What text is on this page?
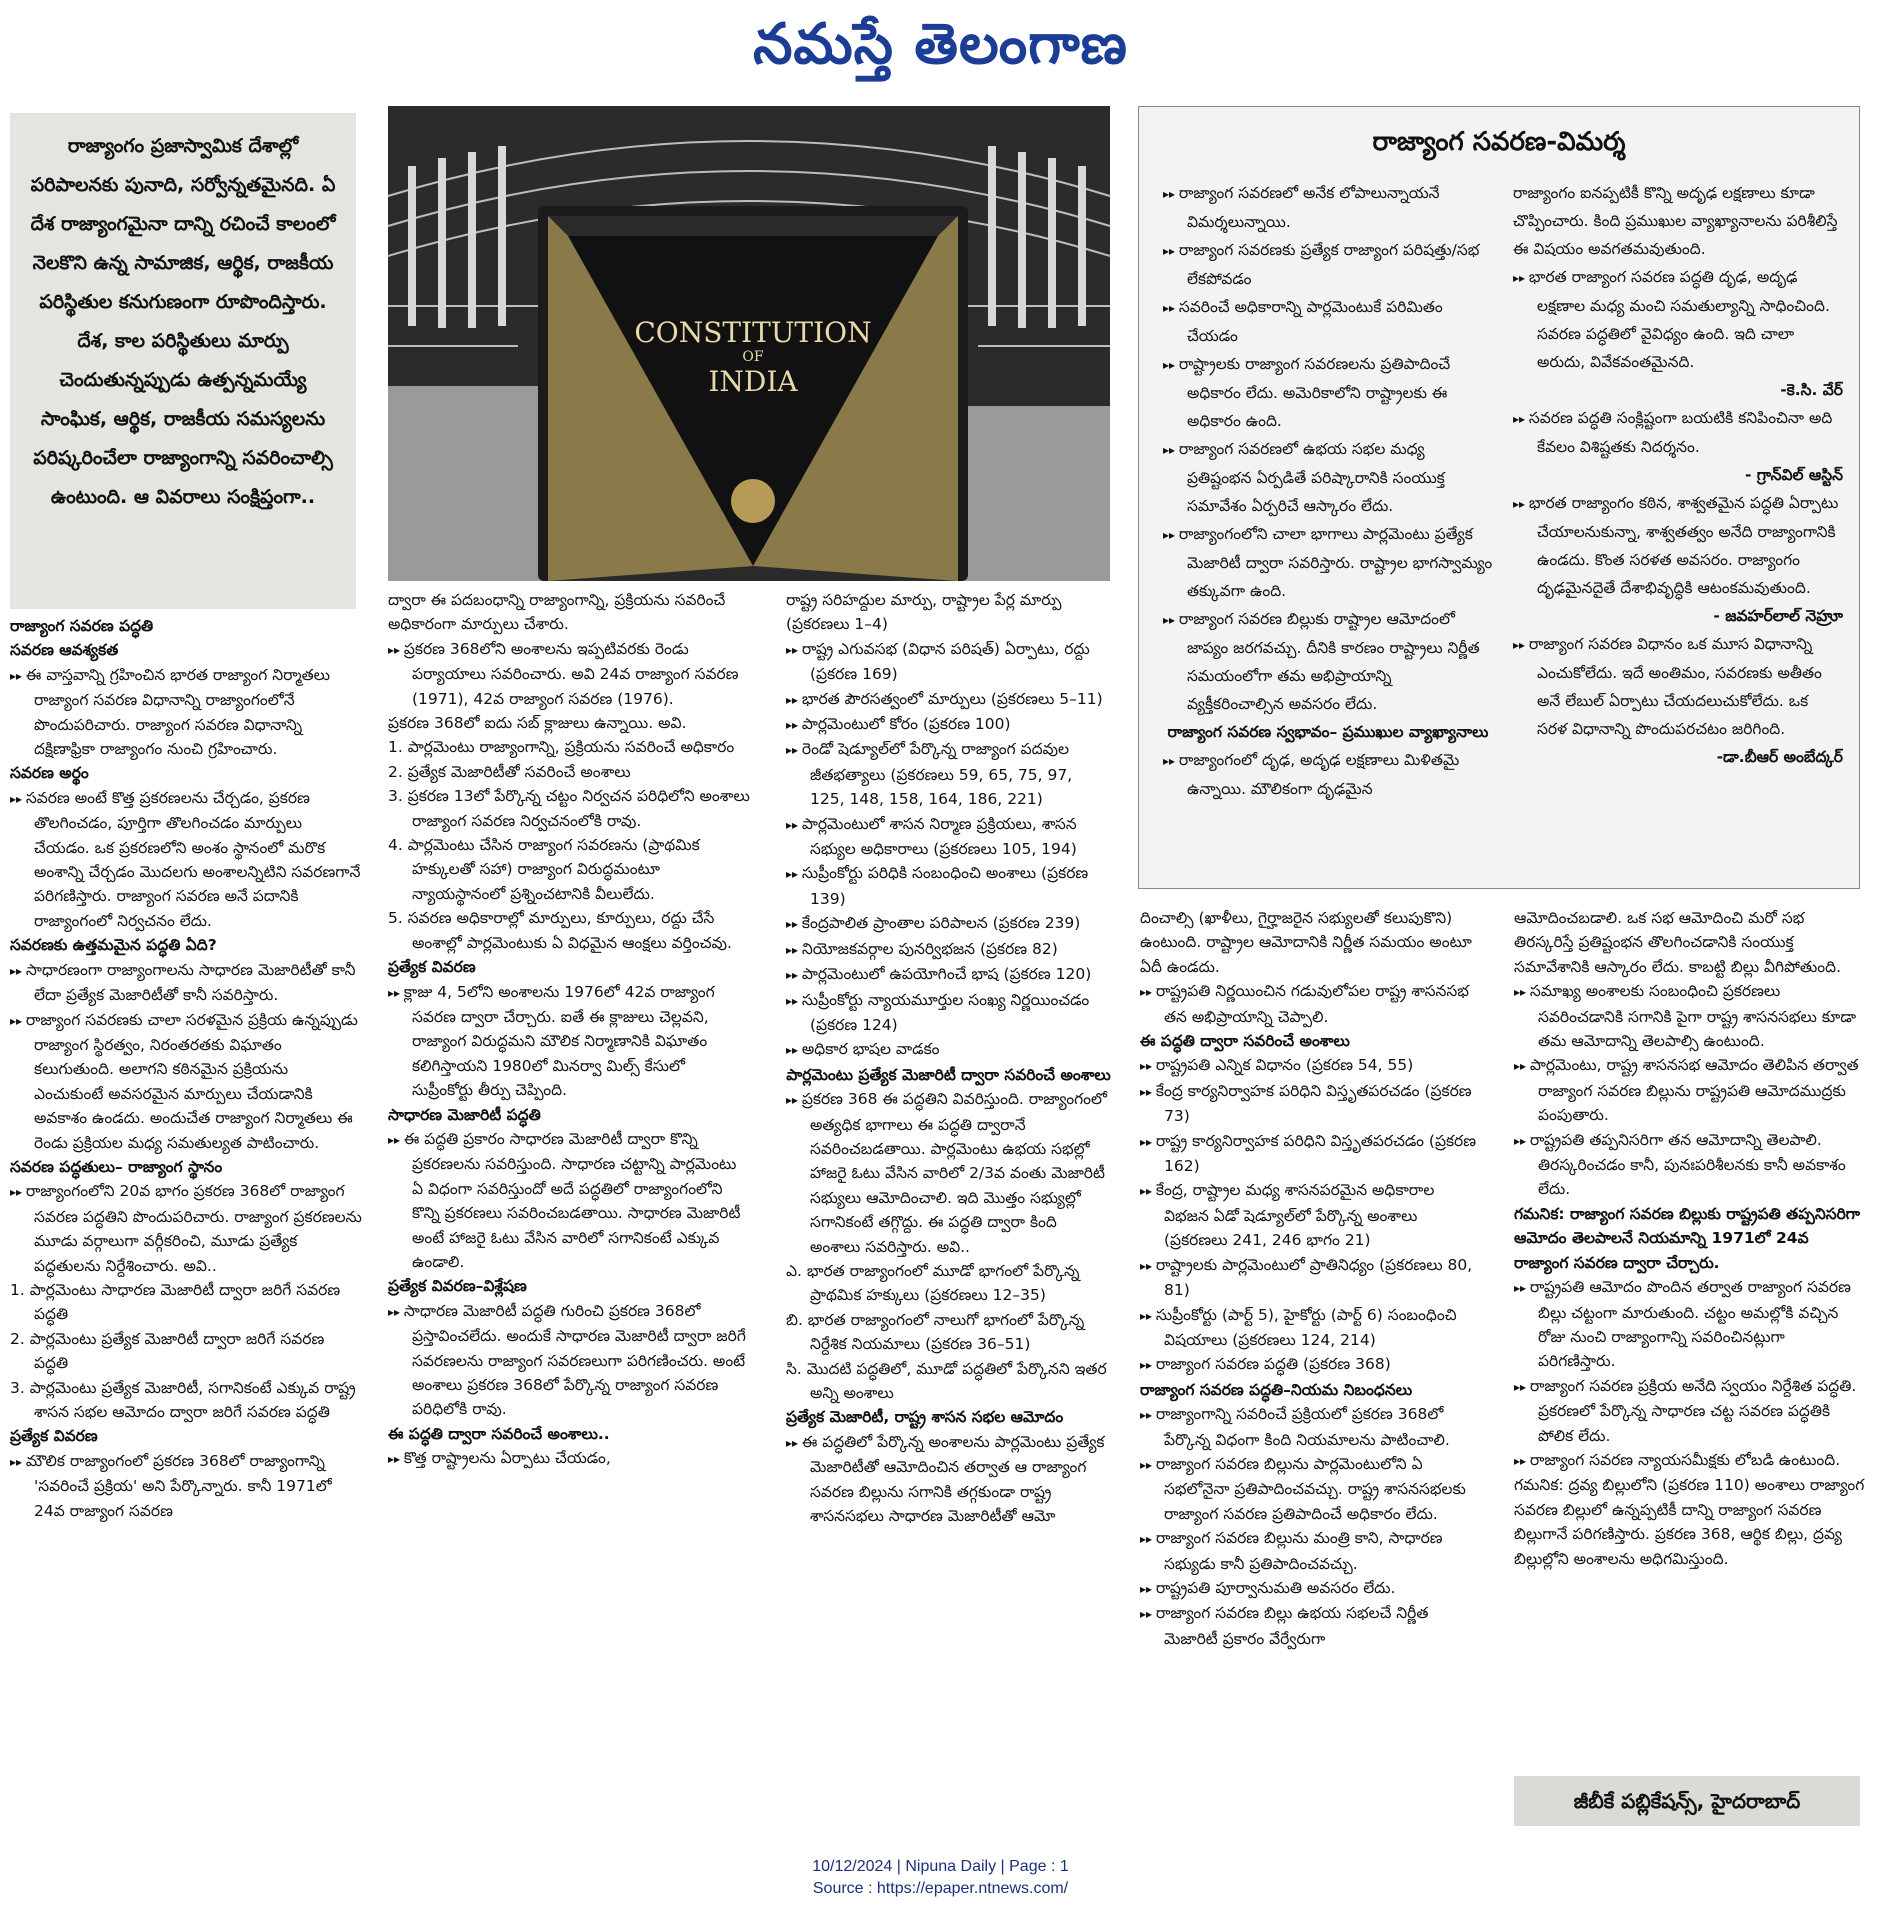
నమస్తే తెలంగాణ

రాజ్యాంగం ప్రజాస్వామిక దేశాల్లో పరిపాలనకు పునాది, సర్వోన్నతమైనది. ఏ దేశ రాజ్యాంగమైనా దాన్ని రచించే కాలంలో నెలకొని ఉన్న సామాజిక, ఆర్థిక, రాజకీయ పరిస్థితుల కనుగుణంగా రూపొందిస్తారు. దేశ, కాల పరిస్థితులు మార్పు చెందుతున్నప్పుడు ఉత్పన్నమయ్యే సాంఘిక, ఆర్థిక, రాజకీయ సమస్యలను పరిష్కరించేలా రాజ్యాంగాన్ని సవరించాల్సి ఉంటుంది. ఆ వివరాలు సంక్షిప్తంగా..

CONSTITUTION
OF
INDIA

రాజ్యాంగ సవరణ పద్ధతి

సవరణ ఆవశ్యకత

▸▸ ఈ వాస్తవాన్ని గ్రహించిన భారత రాజ్యాంగ నిర్మాతలు రాజ్యాంగ సవరణ విధానాన్ని రాజ్యాంగంలోనే పొందుపరిచారు. రాజ్యాంగ సవరణ విధానాన్ని దక్షిణాఫ్రికా రాజ్యాంగం నుంచి గ్రహించారు.

సవరణ అర్థం

▸▸ సవరణ అంటే కొత్త ప్రకరణలను చేర్చడం, ప్రకరణ తొలగించడం, పూర్తిగా తొలగించడం మార్పులు చేయడం. ఒక ప్రకరణలోని అంశం స్థానంలో మరొక అంశాన్ని చేర్చడం మొదలగు అంశాలన్నిటిని సవరణగానే పరిగణిస్తారు. రాజ్యాంగ సవరణ అనే పదానికి రాజ్యాంగంలో నిర్వచనం లేదు.

సవరణకు ఉత్తమమైన పద్ధతి ఏది?

▸▸ సాధారణంగా రాజ్యాంగాలను సాధారణ మెజారిటీతో కానీ లేదా ప్రత్యేక మెజారిటీతో కానీ సవరిస్తారు.

▸▸ రాజ్యాంగ సవరణకు చాలా సరళమైన ప్రక్రియ ఉన్నప్పుడు రాజ్యాంగ స్థిరత్వం, నిరంతరతకు విఘాతం కలుగుతుంది. అలాగని కఠినమైన ప్రక్రియను ఎంచుకుంటే అవసరమైన మార్పులు చేయడానికి అవకాశం ఉండదు. అందుచేత రాజ్యాంగ నిర్మాతలు ఈ రెండు ప్రక్రియల మధ్య సమతుల్యత పాటించారు.

సవరణ పద్ధతులు– రాజ్యాంగ స్థానం

▸▸ రాజ్యాంగంలోని 20వ భాగం ప్రకరణ 368లో రాజ్యాంగ సవరణ పద్ధతిని పొందుపరిచారు. రాజ్యాంగ ప్రకరణలను మూడు వర్గాలుగా వర్గీకరించి, మూడు ప్రత్యేక పద్ధతులను నిర్దేశించారు. అవి..

1. పార్లమెంటు సాధారణ మెజారిటీ ద్వారా జరిగే సవరణ పద్ధతి

2. పార్లమెంటు ప్రత్యేక మెజారిటీ ద్వారా జరిగే సవరణ పద్ధతి

3. పార్లమెంటు ప్రత్యేక మెజారిటీ, సగానికంటే ఎక్కువ రాష్ట్ర శాసన సభల ఆమోదం ద్వారా జరిగే సవరణ పద్ధతి

ప్రత్యేక వివరణ

▸▸ మౌలిక రాజ్యాంగంలో ప్రకరణ 368లో రాజ్యాంగాన్ని 'సవరించే ప్రక్రియ' అని పేర్కొన్నారు. కానీ 1971లో 24వ రాజ్యాంగ సవరణ

ద్వారా ఈ పదబంధాన్ని రాజ్యాంగాన్ని, ప్రక్రియను సవరించే అధికారంగా మార్పులు చేశారు.

▸▸ ప్రకరణ 368లోని అంశాలను ఇప్పటివరకు రెండు పర్యాయాలు సవరించారు. అవి 24వ రాజ్యాంగ సవరణ (1971), 42వ రాజ్యాంగ సవరణ (1976).

ప్రకరణ 368లో ఐదు సబ్ క్లాజులు ఉన్నాయి. అవి.

1. పార్లమెంటు రాజ్యాంగాన్ని, ప్రక్రియను సవరించే అధికారం

2. ప్రత్యేక మెజారిటీతో సవరించే అంశాలు

3. ప్రకరణ 13లో పేర్కొన్న చట్టం నిర్వచన పరిధిలోని అంశాలు రాజ్యాంగ సవరణ నిర్వచనంలోకి రావు.

4. పార్లమెంటు చేసిన రాజ్యాంగ సవరణను (ప్రాథమిక హక్కులతో సహా) రాజ్యాంగ విరుద్ధమంటూ న్యాయస్థానంలో ప్రశ్నించటానికి వీలులేదు.

5. సవరణ అధికారాల్లో మార్పులు, కూర్పులు, రద్దు చేసే అంశాల్లో పార్లమెంటుకు ఏ విధమైన ఆంక్షలు వర్తించవు.

ప్రత్యేక వివరణ

▸▸ క్లాజు 4, 5లోని అంశాలను 1976లో 42వ రాజ్యాంగ సవరణ ద్వారా చేర్చారు. ఐతే ఈ క్లాజులు చెల్లవని, రాజ్యాంగ విరుద్ధమని మౌలిక నిర్మాణానికి విఘాతం కలిగిస్తాయని 1980లో మినర్వా మిల్స్ కేసులో సుప్రీంకోర్టు తీర్పు చెప్పింది.

సాధారణ మెజారిటీ పద్ధతి

▸▸ ఈ పద్ధతి ప్రకారం సాధారణ మెజారిటీ ద్వారా కొన్ని ప్రకరణలను సవరిస్తుంది. సాధారణ చట్టాన్ని పార్లమెంటు ఏ విధంగా సవరిస్తుందో అదే పద్ధతిలో రాజ్యాంగంలోని కొన్ని ప్రకరణలు సవరించబడతాయి. సాధారణ మెజారిటీ అంటే హాజరై ఓటు వేసిన వారిలో సగానికంటే ఎక్కువ ఉండాలి.

ప్రత్యేక వివరణ–విశ్లేషణ

▸▸ సాధారణ మెజారిటీ పద్ధతి గురించి ప్రకరణ 368లో ప్రస్తావించలేదు. అందుకే సాధారణ మెజారిటీ ద్వారా జరిగే సవరణలను రాజ్యాంగ సవరణలుగా పరిగణించరు. అంటే అంశాలు ప్రకరణ 368లో పేర్కొన్న రాజ్యాంగ సవరణ పరిధిలోకి రావు.

ఈ పద్ధతి ద్వారా సవరించే అంశాలు..

▸▸ కొత్త రాష్ట్రాలను ఏర్పాటు చేయడం,

రాష్ట్ర సరిహద్దుల మార్పు, రాష్ట్రాల పేర్ల మార్పు (ప్రకరణలు 1–4)

▸▸ రాష్ట్ర ఎగువసభ (విధాన పరిషత్) ఏర్పాటు, రద్దు (ప్రకరణ 169)

▸▸ భారత పౌరసత్వంలో మార్పులు (ప్రకరణలు 5–11)

▸▸ పార్లమెంటులో కోరం (ప్రకరణ 100)

▸▸ రెండో షెడ్యూల్‌లో పేర్కొన్న రాజ్యాంగ పదవుల జీతభత్యాలు (ప్రకరణలు 59, 65, 75, 97, 125, 148, 158, 164, 186, 221)

▸▸ పార్లమెంటులో శాసన నిర్మాణ ప్రక్రియలు, శాసన సభ్యుల అధికారాలు (ప్రకరణలు 105, 194)

▸▸ సుప్రీంకోర్టు పరిధికి సంబంధించి అంశాలు (ప్రకరణ 139)

▸▸ కేంద్రపాలిత ప్రాంతాల పరిపాలన (ప్రకరణ 239)

▸▸ నియోజకవర్గాల పునర్విభజన (ప్రకరణ 82)

▸▸ పార్లమెంటులో ఉపయోగించే భాష (ప్రకరణ 120)

▸▸ సుప్రీంకోర్టు న్యాయమూర్తుల సంఖ్య నిర్ణయించడం (ప్రకరణ 124)

▸▸ అధికార భాషల వాడకం

పార్లమెంటు ప్రత్యేక మెజారిటీ ద్వారా సవరించే అంశాలు

▸▸ ప్రకరణ 368 ఈ పద్ధతిని వివరిస్తుంది. రాజ్యాంగంలో అత్యధిక భాగాలు ఈ పద్ధతి ద్వారానే సవరించబడతాయి. పార్లమెంటు ఉభయ సభల్లో హాజరై ఓటు వేసిన వారిలో 2/3వ వంతు మెజారిటీ సభ్యులు ఆమోదించాలి. ఇది మొత్తం సభ్యుల్లో సగానికంటే తగ్గొద్దు. ఈ పద్ధతి ద్వారా కింది అంశాలు సవరిస్తారు. అవి..

ఎ. భారత రాజ్యాంగంలో మూడో భాగంలో పేర్కొన్న ప్రాథమిక హక్కులు (ప్రకరణలు 12–35)

బి. భారత రాజ్యాంగంలో నాలుగో భాగంలో పేర్కొన్న నిర్దేశిక నియమాలు (ప్రకరణ 36–51)

సి. మొదటి పద్ధతిలో, మూడో పద్ధతిలో పేర్కొనని ఇతర అన్ని అంశాలు

ప్రత్యేక మెజారిటీ, రాష్ట్ర శాసన సభల ఆమోదం

▸▸ ఈ పద్ధతిలో పేర్కొన్న అంశాలను పార్లమెంటు ప్రత్యేక మెజారిటీతో ఆమోదించిన తర్వాత ఆ రాజ్యాంగ సవరణ బిల్లును సగానికి తగ్గకుండా రాష్ట్ర శాసనసభలు సాధారణ మెజారిటీతో ఆమో

రాజ్యాంగ సవరణ-విమర్శ

▸▸ రాజ్యాంగ సవరణలో అనేక లోపాలున్నాయనే విమర్శలున్నాయి.

▸▸ రాజ్యాంగ సవరణకు ప్రత్యేక రాజ్యాంగ పరిషత్తు/సభ లేకపోవడం

▸▸ సవరించే అధికారాన్ని పార్లమెంటుకే పరిమితం చేయడం

▸▸ రాష్ట్రాలకు రాజ్యాంగ సవరణలను ప్రతిపాదించే అధికారం లేదు. అమెరికాలోని రాష్ట్రాలకు ఈ అధికారం ఉంది.

▸▸ రాజ్యాంగ సవరణలో ఉభయ సభల మధ్య ప్రతిష్టంభన ఏర్పడితే పరిష్కారానికి సంయుక్త సమావేశం ఏర్పరిచే ఆస్కారం లేదు.

▸▸ రాజ్యాంగంలోని చాలా భాగాలు పార్లమెంటు ప్రత్యేక మెజారిటీ ద్వారా సవరిస్తారు. రాష్ట్రాల భాగస్వామ్యం తక్కువగా ఉంది.

▸▸ రాజ్యాంగ సవరణ బిల్లుకు రాష్ట్రాల ఆమోదంలో జాప్యం జరగవచ్చు. దీనికి కారణం రాష్ట్రాలు నిర్ణీత సమయంలోగా తమ అభిప్రాయాన్ని వ్యక్తీకరించాల్సిన అవసరం లేదు.

రాజ్యాంగ సవరణ స్వభావం– ప్రముఖుల వ్యాఖ్యానాలు

▸▸ రాజ్యాంగంలో దృఢ, అదృఢ లక్షణాలు మిళితమై ఉన్నాయి. మౌలికంగా దృఢమైన

రాజ్యాంగం ఐనప్పటికీ కొన్ని అదృఢ లక్షణాలు కూడా చొప్పించారు. కింది ప్రముఖుల వ్యాఖ్యానాలను పరిశీలిస్తే ఈ విషయం అవగతమవుతుంది.

▸▸ భారత రాజ్యాంగ సవరణ పద్ధతి దృఢ, అదృఢ లక్షణాల మధ్య మంచి సమతుల్యాన్ని సాధించింది. సవరణ పద్ధతిలో వైవిధ్యం ఉంది. ఇది చాలా అరుదు, వివేకవంతమైనది.

-కె.సి. వేర్

▸▸ సవరణ పద్ధతి సంక్లిష్టంగా బయటికి కనిపించినా అది కేవలం విశిష్టతకు నిదర్శనం.

- గ్రాన్‌విల్ ఆస్టిన్

▸▸ భారత రాజ్యాంగం కఠిన, శాశ్వతమైన పద్ధతి ఏర్పాటు చేయాలనుకున్నా, శాశ్వతత్వం అనేది రాజ్యాంగానికి ఉండదు. కొంత సరళత అవసరం. రాజ్యాంగం దృఢమైనదైతే దేశాభివృద్ధికి ఆటంకమవుతుంది.

- జవహర్‌లాల్ నెహ్రూ

▸▸ రాజ్యాంగ సవరణ విధానం ఒక మూస విధానాన్ని ఎంచుకోలేదు. ఇదే అంతిమం, సవరణకు అతీతం అనే లేబుల్ ఏర్పాటు చేయదలుచుకోలేదు. ఒక సరళ విధానాన్ని పొందుపరచటం జరిగింది.

-డా.బీఆర్ అంబేద్కర్

దించాల్సి (ఖాళీలు, గైర్హాజరైన సభ్యులతో కలుపుకొని) ఉంటుంది. రాష్ట్రాల ఆమోదానికి నిర్ణీత సమయం అంటూ ఏదీ ఉండదు.

▸▸ రాష్ట్రపతి నిర్ణయించిన గడువులోపల రాష్ట్ర శాసనసభ తన అభిప్రాయాన్ని చెప్పాలి.

ఈ పద్ధతి ద్వారా సవరించే అంశాలు

▸▸ రాష్ట్రపతి ఎన్నిక విధానం (ప్రకరణ 54, 55)

▸▸ కేంద్ర కార్యనిర్వాహక పరిధిని విస్తృతపరచడం (ప్రకరణ 73)

▸▸ రాష్ట్ర కార్యనిర్వాహక పరిధిని విస్తృతపరచడం (ప్రకరణ 162)

▸▸ కేంద్ర, రాష్ట్రాల మధ్య శాసనపరమైన అధికారాల విభజన ఏడో షెడ్యూల్‌లో పేర్కొన్న అంశాలు (ప్రకరణలు 241, 246 భాగం 21)

▸▸ రాష్ట్రాలకు పార్లమెంటులో ప్రాతినిధ్యం (ప్రకరణలు 80, 81)

▸▸ సుప్రీంకోర్టు (పార్ట్ 5), హైకోర్టు (పార్ట్ 6) సంబంధించి విషయాలు (ప్రకరణలు 124, 214)

▸▸ రాజ్యాంగ సవరణ పద్ధతి (ప్రకరణ 368)

రాజ్యాంగ సవరణ పద్ధతి–నియమ నిబంధనలు

▸▸ రాజ్యాంగాన్ని సవరించే ప్రక్రియలో ప్రకరణ 368లో పేర్కొన్న విధంగా కింది నియమాలను పాటించాలి.

▸▸ రాజ్యాంగ సవరణ బిల్లును పార్లమెంటులోని ఏ సభలోనైనా ప్రతిపాదించవచ్చు. రాష్ట్ర శాసనసభలకు రాజ్యాంగ సవరణ ప్రతిపాదించే అధికారం లేదు.

▸▸ రాజ్యాంగ సవరణ బిల్లును మంత్రి కాని, సాధారణ సభ్యుడు కానీ ప్రతిపాదించవచ్చు.

▸▸ రాష్ట్రపతి పూర్వానుమతి అవసరం లేదు.

▸▸ రాజ్యాంగ సవరణ బిల్లు ఉభయ సభలచే నిర్ణీత మెజారిటీ ప్రకారం వేర్వేరుగా

ఆమోదించబడాలి. ఒక సభ ఆమోదించి మరో సభ తిరస్కరిస్తే ప్రతిష్టంభన తొలగించడానికి సంయుక్త సమావేశానికి ఆస్కారం లేదు. కాబట్టి బిల్లు వీగిపోతుంది.

▸▸ సమాఖ్య అంశాలకు సంబంధించి ప్రకరణలు సవరించడానికి సగానికి పైగా రాష్ట్ర శాసనసభలు కూడా తమ ఆమోదాన్ని తెలపాల్సి ఉంటుంది.

▸▸ పార్లమెంటు, రాష్ట్ర శాసనసభ ఆమోదం తెలిపిన తర్వాత రాజ్యాంగ సవరణ బిల్లును రాష్ట్రపతి ఆమోదముద్రకు పంపుతారు.

▸▸ రాష్ట్రపతి తప్పనిసరిగా తన ఆమోదాన్ని తెలపాలి. తిరస్కరించడం కానీ, పునఃపరిశీలనకు కానీ అవకాశం లేదు.

గమనిక: రాజ్యాంగ సవరణ బిల్లుకు రాష్ట్రపతి తప్పనిసరిగా ఆమోదం తెలపాలనే నియమాన్ని 1971లో 24వ రాజ్యాంగ సవరణ ద్వారా చేర్చారు.

▸▸ రాష్ట్రపతి ఆమోదం పొందిన తర్వాత రాజ్యాంగ సవరణ బిల్లు చట్టంగా మారుతుంది. చట్టం అమల్లోకి వచ్చిన రోజు నుంచి రాజ్యాంగాన్ని సవరించినట్లుగా పరిగణిస్తారు.

▸▸ రాజ్యాంగ సవరణ ప్రక్రియ అనేది స్వయం నిర్దేశిత పద్ధతి. ప్రకరణలో పేర్కొన్న సాధారణ చట్ట సవరణ పద్ధతికి పోలిక లేదు.

▸▸ రాజ్యాంగ సవరణ న్యాయసమీక్షకు లోబడి ఉంటుంది.

గమనిక: ద్రవ్య బిల్లులోని (ప్రకరణ 110) అంశాలు రాజ్యాంగ సవరణ బిల్లులో ఉన్నప్పటికీ దాన్ని రాజ్యాంగ సవరణ బిల్లుగానే పరిగణిస్తారు. ప్రకరణ 368, ఆర్థిక బిల్లు, ద్రవ్య బిల్లుల్లోని అంశాలను అధిగమిస్తుంది.

జీబీకే పబ్లికేషన్స్, హైదరాబాద్
10/12/2024 | Nipuna Daily | Page : 1
Source : https://epaper.ntnews.com/
